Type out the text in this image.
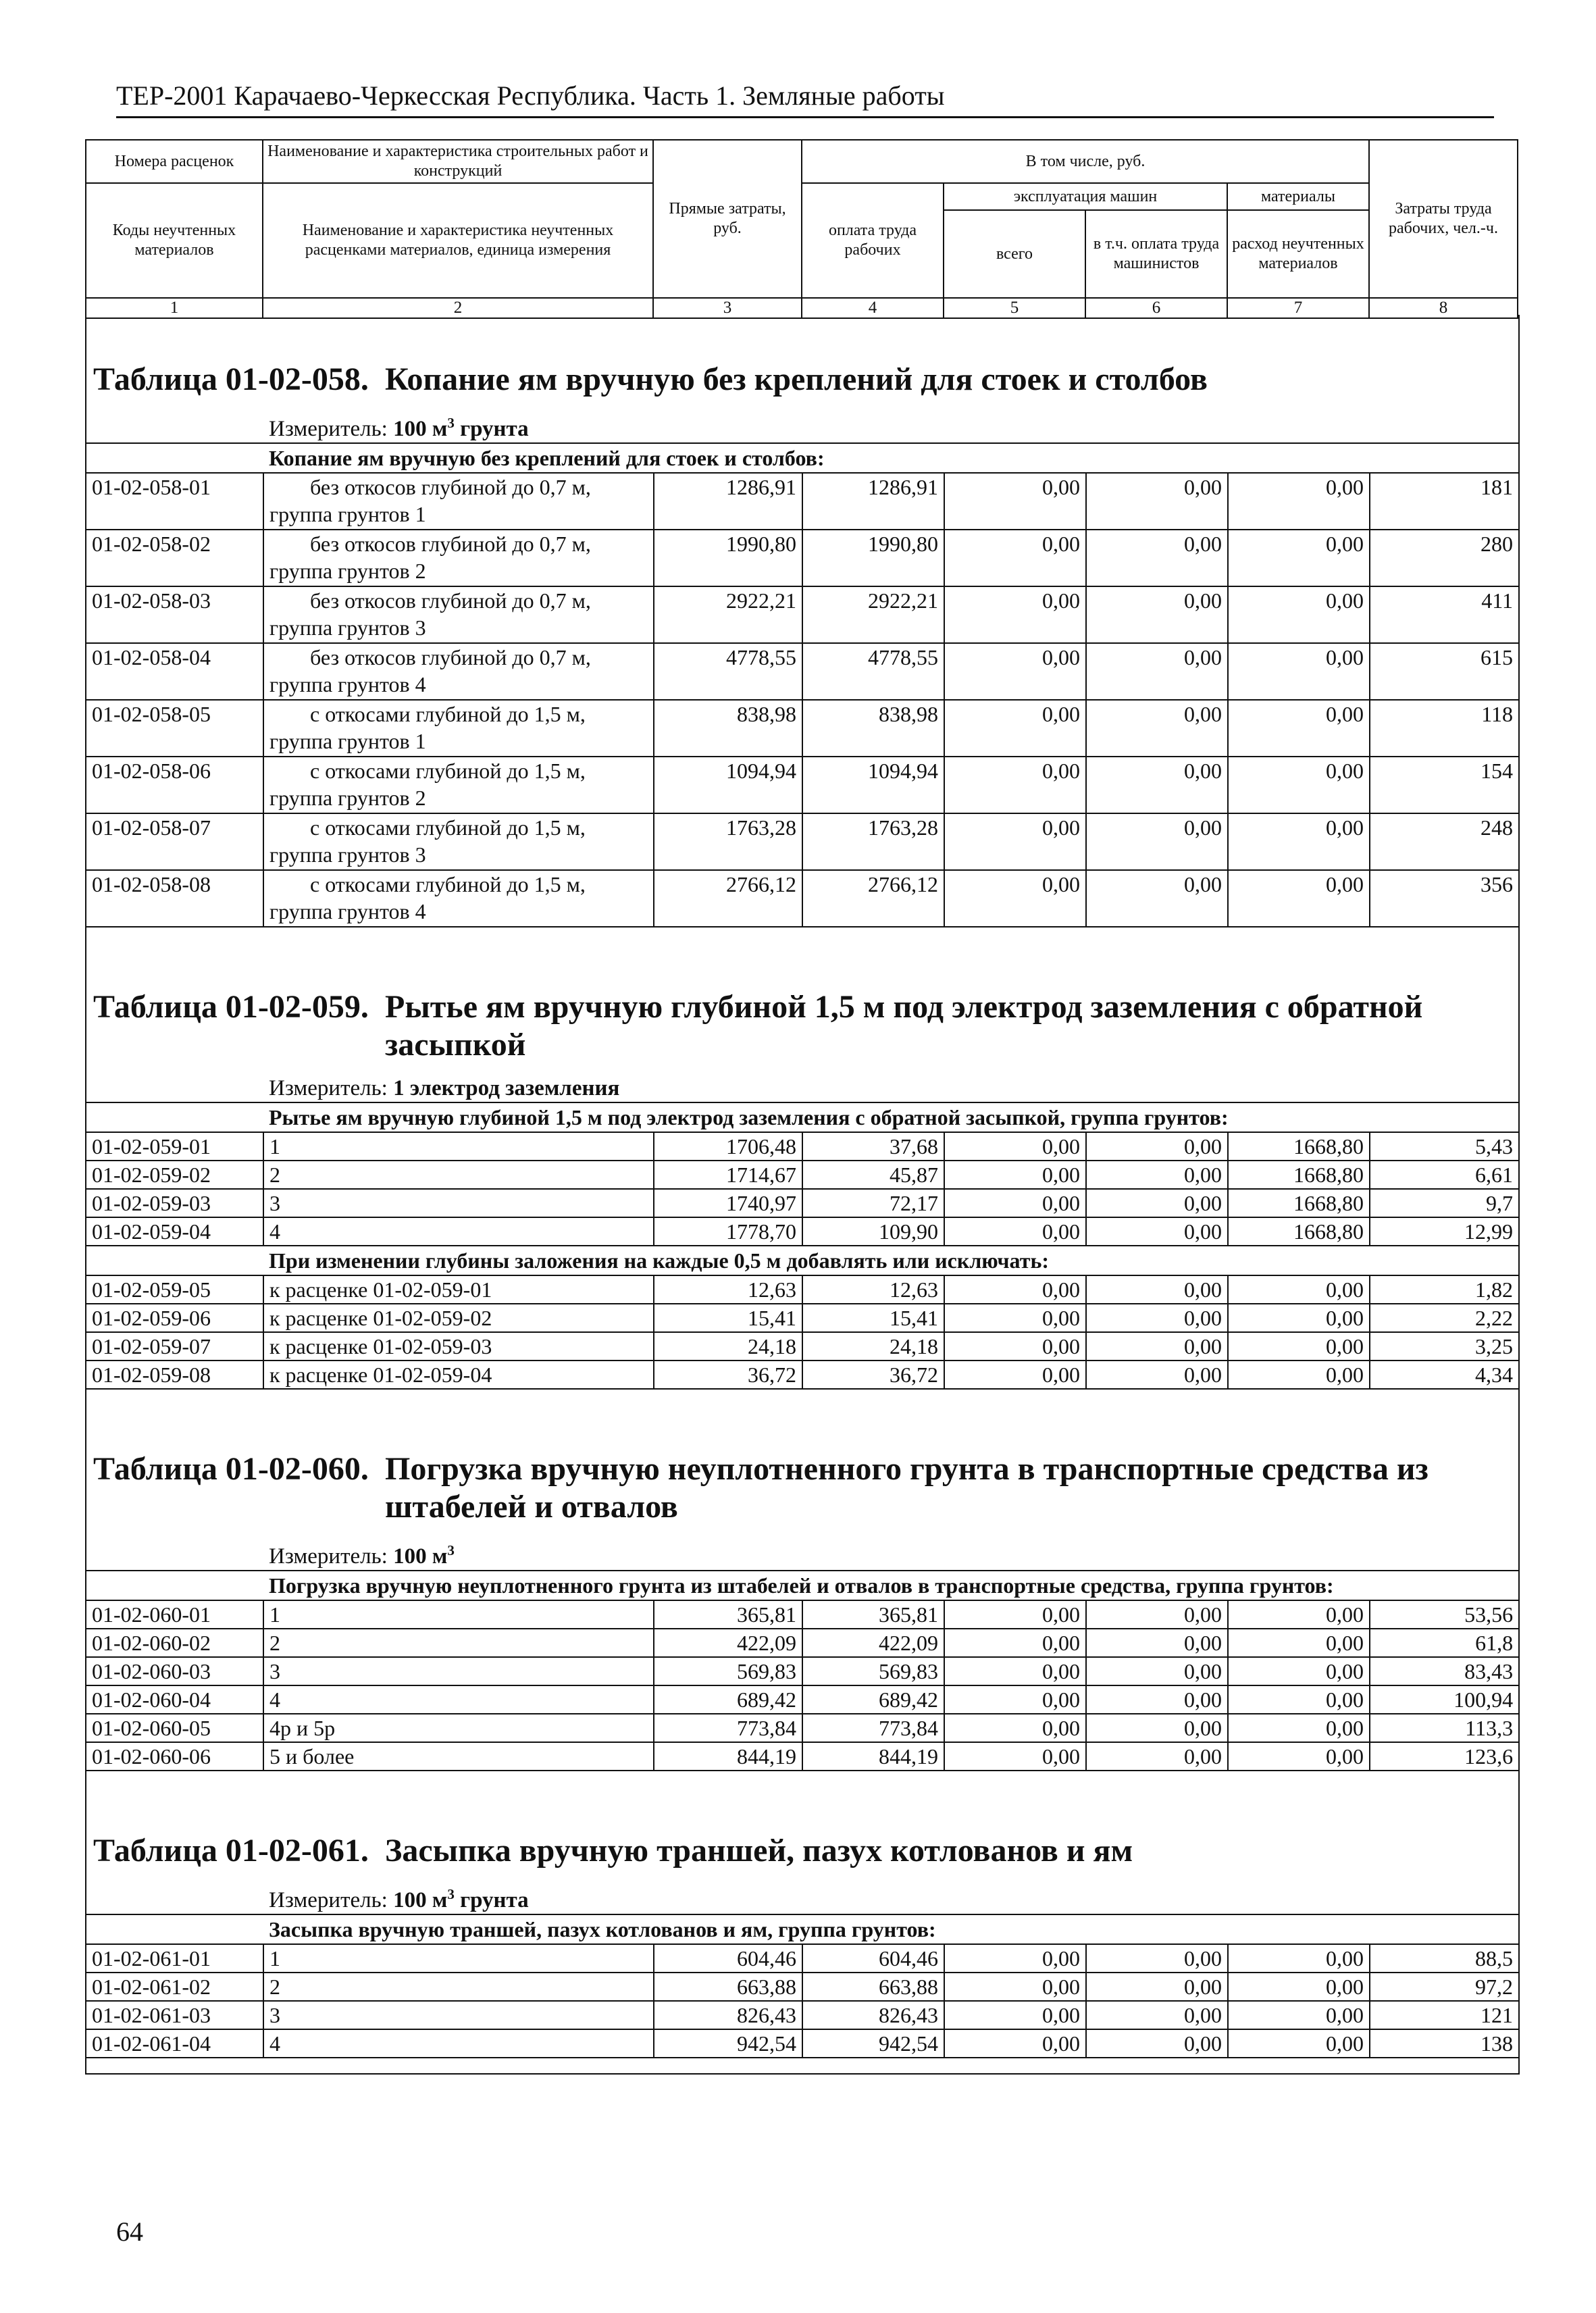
ТЕР-2001 Карачаево-Черкесская Республика. Часть 1. Земляные работы
Номера расценок	Наименование и характеристика строительных работ и конструкций	Прямые затраты, руб.	В том числе, руб.				Затраты труда рабочих, чел.-ч.
Коды неучтенных материалов	Наименование и характеристика неучтенных расценками материалов, единица измерения		оплата труда рабочих	эксплуатация машин		материалы	
				всего	в т.ч. оплата труда машинистов	расход неучтенных материалов	
1	2	3	4	5	6	7	8
Таблица 01-02-058. Копание ям вручную без креплений для стоек и столбов
Измеритель: 100 $м^3$ грунта
	Копание ям вручную без креплений для стоек и столбов:						
01-02-058-01	без откосов глубиной до 0,7 м,
группа грунтов 1	1286,91	1286,91	0,00	0,00	0,00	181
01-02-058-02	без откосов глубиной до 0,7 м,
группа грунтов 2	1990,80	1990,80	0,00	0,00	0,00	280
01-02-058-03	без откосов глубиной до 0,7 м,
группа грунтов 3	2922,21	2922,21	0,00	0,00	0,00	411
01-02-058-04	без откосов глубиной до 0,7 м,
группа грунтов 4	4778,55	4778,55	0,00	0,00	0,00	615
01-02-058-05	с откосами глубиной до 1,5 м,
группа грунтов 1	838,98	838,98	0,00	0,00	0,00	118
01-02-058-06	с откосами глубиной до 1,5 м,
группа грунтов 2	1094,94	1094,94	0,00	0,00	0,00	154
01-02-058-07	с откосами глубиной до 1,5 м,
группа грунтов 3	1763,28	1763,28	0,00	0,00	0,00	248
01-02-058-08	с откосами глубиной до 1,5 м,
группа грунтов 4	2766,12	2766,12	0,00	0,00	0,00	356
Таблица 01-02-059. Рытье ям вручную глубиной 1,5 м под электрод заземления с обратной засыпкой
Измеритель: 1 электрод заземления
	Рытье ям вручную глубиной 1,5 м под электрод заземления с обратной засыпкой, группа грунтов:						
01-02-059-01	1	1706,48	37,68	0,00	0,00	1668,80	5,43
01-02-059-02	2	1714,67	45,87	0,00	0,00	1668,80	6,61
01-02-059-03	3	1740,97	72,17	0,00	0,00	1668,80	9,7
01-02-059-04	4	1778,70	109,90	0,00	0,00	1668,80	12,99
	При изменении глубины заложения на каждые 0,5 м добавлять или исключать:						
01-02-059-05	к расценке 01-02-059-01	12,63	12,63	0,00	0,00	0,00	1,82
01-02-059-06	к расценке 01-02-059-02	15,41	15,41	0,00	0,00	0,00	2,22
01-02-059-07	к расценке 01-02-059-03	24,18	24,18	0,00	0,00	0,00	3,25
01-02-059-08	к расценке 01-02-059-04	36,72	36,72	0,00	0,00	0,00	4,34
Таблица 01-02-060. Погрузка вручную неуплотненного грунта в транспортные средства из штабелей и отвалов
Измеритель: 100 $м^3$
	Погрузка вручную неуплотненного грунта из штабелей и отвалов в транспортные средства, группа грунтов:						
01-02-060-01	1	365,81	365,81	0,00	0,00	0,00	53,56
01-02-060-02	2	422,09	422,09	0,00	0,00	0,00	61,8
01-02-060-03	3	569,83	569,83	0,00	0,00	0,00	83,43
01-02-060-04	4	689,42	689,42	0,00	0,00	0,00	100,94
01-02-060-05	4р и 5р	773,84	773,84	0,00	0,00	0,00	113,3
01-02-060-06	5 и более	844,19	844,19	0,00	0,00	0,00	123,6
Таблица 01-02-061. Засыпка вручную траншей, пазух котлованов и ям
Измеритель: 100 $м^3$ грунта
	Засыпка вручную траншей, пазух котлованов и ям, группа грунтов:						
01-02-061-01	1	604,46	604,46	0,00	0,00	0,00	88,5
01-02-061-02	2	663,88	663,88	0,00	0,00	0,00	97,2
01-02-061-03	3	826,43	826,43	0,00	0,00	0,00	121
01-02-061-04	4	942,54	942,54	0,00	0,00	0,00	138
64
